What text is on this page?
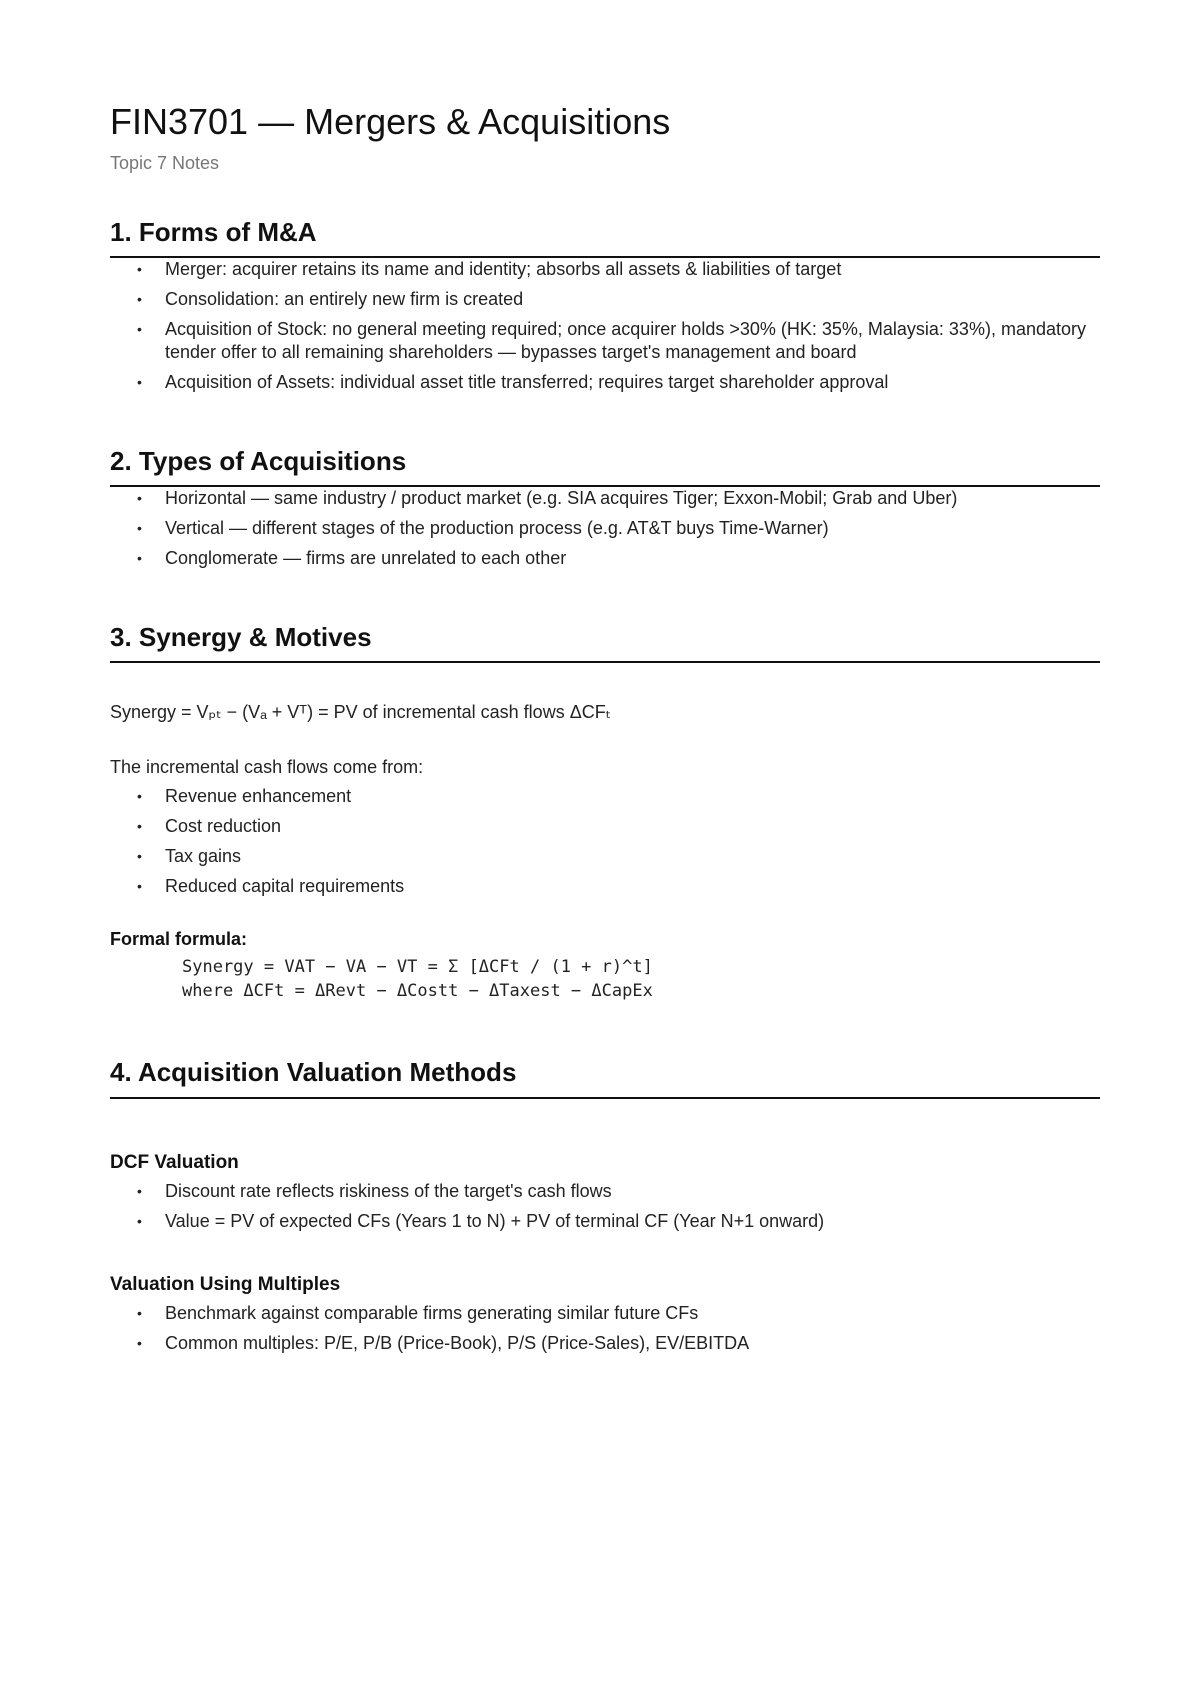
FIN3701 — Mergers & Acquisitions
Topic 7 Notes
1. Forms of M&A
• Merger: acquirer retains its name and identity; absorbs all assets & liabilities of target
• Consolidation: an entirely new firm is created
• Acquisition of Stock: no general meeting required; once acquirer holds >30% (HK: 35%, Malaysia: 33%), mandatory tender offer to all remaining shareholders — bypasses target's management and board
• Acquisition of Assets: individual asset title transferred; requires target shareholder approval
2. Types of Acquisitions
• Horizontal — same industry / product market (e.g. SIA acquires Tiger; Exxon-Mobil; Grab and Uber)
• Vertical — different stages of the production process (e.g. AT&T buys Time-Warner)
• Conglomerate — firms are unrelated to each other
3. Synergy & Motives
Synergy = Vₚₜ − (Vₐ + Vᵀ) = PV of incremental cash flows ΔCFₜ
The incremental cash flows come from:
• Revenue enhancement
• Cost reduction
• Tax gains
• Reduced capital requirements
Formal formula:
Synergy = VAT − VA − VT = Σ [ΔCFt / (1 + r)^t]
where ΔCFt = ΔRevt − ΔCostt − ΔTaxest − ΔCapEx
4. Acquisition Valuation Methods
DCF Valuation
• Discount rate reflects riskiness of the target's cash flows
• Value = PV of expected CFs (Years 1 to N) + PV of terminal CF (Year N+1 onward)
Valuation Using Multiples
• Benchmark against comparable firms generating similar future CFs
• Common multiples: P/E, P/B (Price-Book), P/S (Price-Sales), EV/EBITDA
